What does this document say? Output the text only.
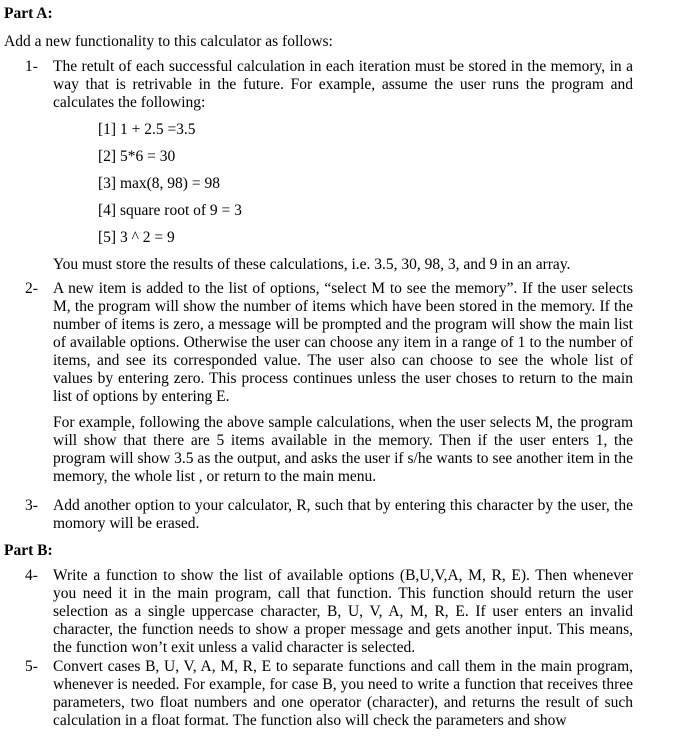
Part A:
Add a new functionality to this calculator as follows:
1- The retult of each successful calculation in each iteration must be stored in the memory, in a way that is retrivable in the future. For example, assume the user runs the program and calculates the following:
[1] 1 + 2.5 =3.5
[2] 5*6 = 30
[3] max(8, 98) = 98
[4] square root of 9 = 3
[5] 3 ^ 2 = 9
You must store the results of these calculations, i.e. 3.5, 30, 98, 3, and 9 in an array.
2- A new item is added to the list of options, “select M to see the memory”. If the user selects M, the program will show the number of items which have been stored in the memory. If the number of items is zero, a message will be prompted and the program will show the main list of available options. Otherwise the user can choose any item in a range of 1 to the number of items, and see its corresponded value. The user also can choose to see the whole list of values by entering zero. This process continues unless the user choses to return to the main list of options by entering E.

For example, following the above sample calculations, when the user selects M, the program will show that there are 5 items available in the memory. Then if the user enters 1, the program will show 3.5 as the output, and asks the user if s/he wants to see another item in the memory, the whole list , or return to the main menu.

3- Add another option to your calculator, R, such that by entering this character by the user, the momory will be erased.
Part B:
4- Write a function to show the list of available options (B,U,V,A, M, R, E). Then whenever you need it in the main program, call that function. This function should return the user selection as a single uppercase character, B, U, V, A, M, R, E. If user enters an invalid character, the function needs to show a proper message and gets another input. This means, the function won’t exit unless a valid character is selected.
5- Convert cases B, U, V, A, M, R, E to separate functions and call them in the main program, whenever is needed. For example, for case B, you need to write a function that receives three parameters, two float numbers and one operator (character), and returns the result of such calculation in a float format. The function also will check the parameters and show
